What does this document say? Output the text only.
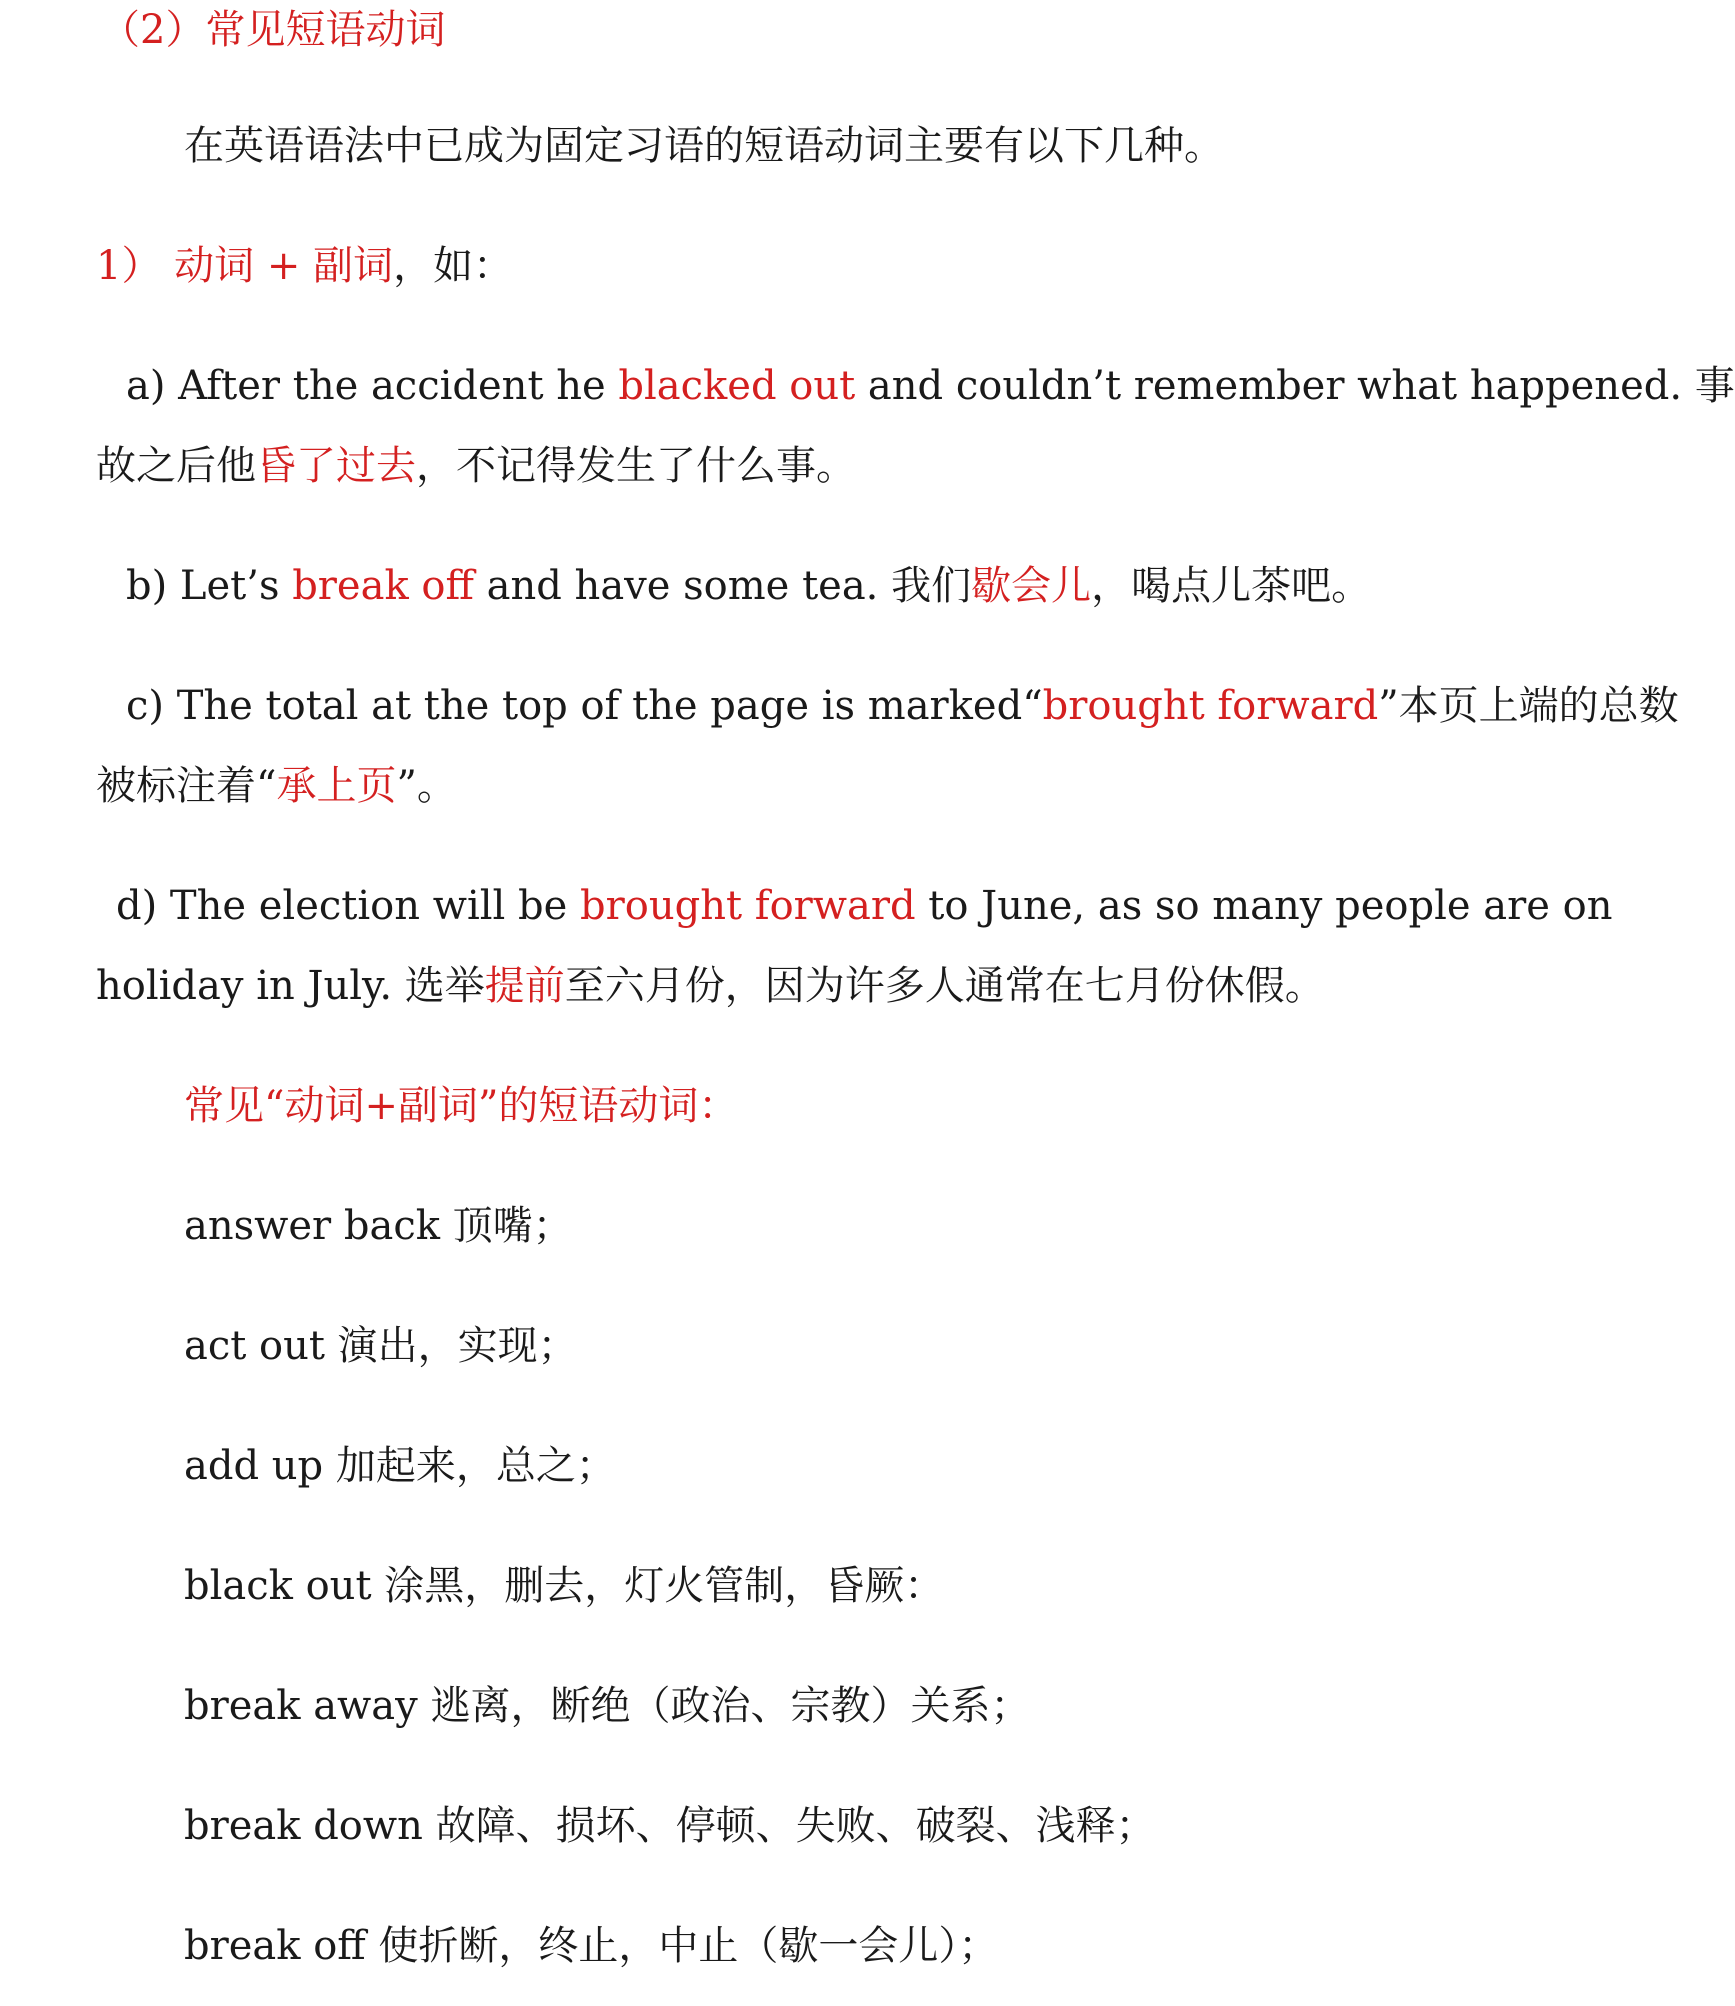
（2）常见短语动词
在英语语法中已成为固定习语的短语动词主要有以下几种。
1） 动词 + 副词，如：
a) After the accident he blacked out and couldn’t remember what happened. 事
故之后他昏了过去，不记得发生了什么事。
b) Let’s break off and have some tea. 我们歇会儿，喝点儿茶吧。
c) The total at the top of the page is marked“brought forward”本页上端的总数
被标注着“承上页”。
d) The election will be brought forward to June, as so many people are on
holiday in July. 选举提前至六月份，因为许多人通常在七月份休假。
常见“动词+副词”的短语动词：
answer back 顶嘴；
act out 演出，实现；
add up 加起来，总之；
black out 涂黑，删去，灯火管制，昏厥：
break away 逃离，断绝（政治、宗教）关系；
break down 故障、损坏、停顿、失败、破裂、浅释；
break off 使折断，终止，中止（歇一会儿）；
